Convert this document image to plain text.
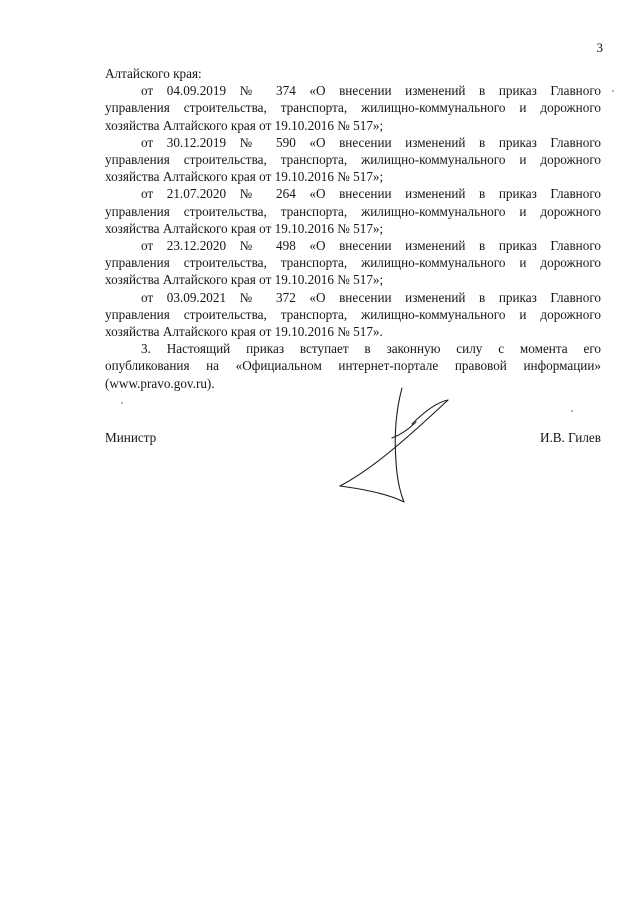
3

Алтайского края:

от 04.09.2019 № 374 «О внесении изменений в приказ Главного
управления строительства, транспорта, жилищно-коммунального и дорожного
хозяйства Алтайского края от 19.10.2016 № 517»;
от 30.12.2019 № 590 «О внесении изменений в приказ Главного
управления строительства, транспорта, жилищно-коммунального и дорожного
хозяйства Алтайского края от 19.10.2016 № 517»;
от 21.07.2020 № 264 «О внесении изменений в приказ Главного
управления строительства, транспорта, жилищно-коммунального и дорожного
хозяйства Алтайского края от 19.10.2016 № 517»;
от 23.12.2020 № 498 «О внесении изменений в приказ Главного
управления строительства, транспорта, жилищно-коммунального и дорожного
хозяйства Алтайского края от 19.10.2016 № 517»;
от 03.09.2021 № 372 «О внесении изменений в приказ Главного
управления строительства, транспорта, жилищно-коммунального и дорожного
хозяйства Алтайского края от 19.10.2016 № 517».
3. Настоящий приказ вступает в законную силу с момента его
опубликования на «Официальном интернет-портале правовой информации»
(www.pravo.gov.ru).
Министр	И.В. Гилев
